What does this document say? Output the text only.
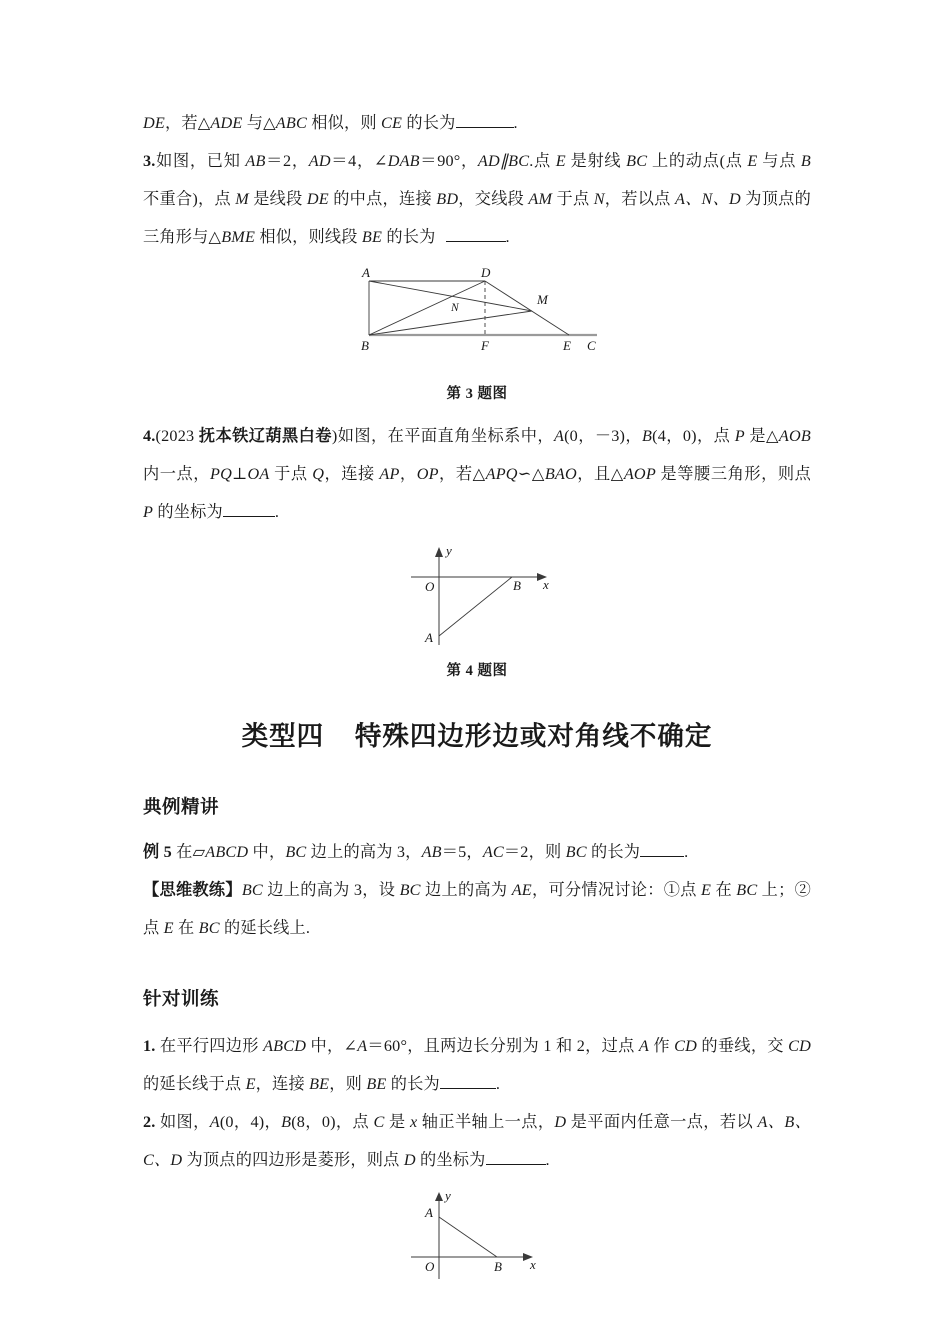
DE，若△ADE 与△ABC 相似，则 CE 的长为	.

3.如图，已知 AB＝2，AD＝4，∠DAB＝90°，AD∥BC.点 E 是射线 BC 上的动点(点 E 与点 B 不重合)，点 M 是线段 DE 的中点，连接 BD，交线段 AM 于点 N，若以点 A、N、D 为顶点的三角形与△BME 相似，则线段 BE 的长为	.

A	D
N
M
B	F	E C
第 3 题图

4.(2023 抚本铁辽葫黑白卷)如图，在平面直角坐标系中，A(0，－3)，B(4，0)，点 P 是△AOB 内一点，PQ⊥OA 于点 Q，连接 AP，OP，若△APQ∽△BAO，且△AOP 是等腰三角形，则点 P 的坐标为	.

x
y
O
A
B
第 4 题图
类型四 特殊四边形边或对角线不确定
典例精讲

例 5 在▱ABCD 中，BC 边上的高为 3，AB＝5，AC＝2，则 BC 的长为	.

【思维教练】BC 边上的高为 3，设 BC 边上的高为 AE，可分情况讨论：①点 E 在 BC 上；②点 E 在 BC 的延长线上.

针对训练

1. 在平行四边形 ABCD 中，∠A＝60°，且两边长分别为 1 和 2，过点 A 作 CD 的垂线，交 CD 的延长线于点 E，连接 BE，则 BE 的长为	.

2. 如图，A(0，4)，B(8，0)，点 C 是 x 轴正半轴上一点，D 是平面内任意一点，若以 A、B、C、D 为顶点的四边形是菱形，则点 D 的坐标为	.

x
y
O
A
B
